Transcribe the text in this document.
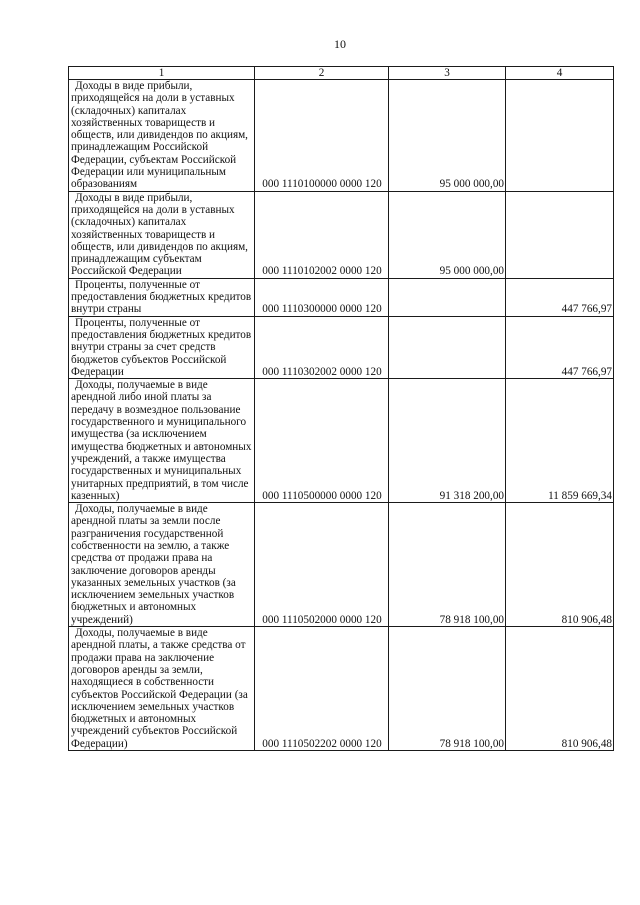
10
1	2	3	4
Доходы в виде прибыли, приходящейся на доли в уставных (складочных) капиталах хозяйственных товариществ и обществ, или дивидендов по акциям, принадлежащим Российской Федерации, субъектам Российской Федерации или муниципальным образованиям	000 1110100000 0000 120	95 000 000,00	
Доходы в виде прибыли, приходящейся на доли в уставных (складочных) капиталах хозяйственных товариществ и обществ, или дивидендов по акциям, принадлежащим субъектам Российской Федерации	000 1110102002 0000 120	95 000 000,00	
Проценты, полученные от предоставления бюджетных кредитов внутри страны	000 1110300000 0000 120		447 766,97
Проценты, полученные от предоставления бюджетных кредитов внутри страны за счет средств бюджетов субъектов Российской Федерации	000 1110302002 0000 120		447 766,97
Доходы, получаемые в виде арендной либо иной платы за передачу в возмездное пользование государственного и муниципального имущества (за исключением имущества бюджетных и автономных учреждений, а также имущества государственных и муниципальных унитарных предприятий, в том числе казенных)	000 1110500000 0000 120	91 318 200,00	11 859 669,34
Доходы, получаемые в виде арендной платы за земли после разграничения государственной собственности на землю, а также средства от продажи права на заключение договоров аренды указанных земельных участков (за исключением земельных участков бюджетных и автономных учреждений)	000 1110502000 0000 120	78 918 100,00	810 906,48
Доходы, получаемые в виде арендной платы, а также средства от продажи права на заключение договоров аренды за земли, находящиеся в собственности субъектов Российской Федерации (за исключением земельных участков бюджетных и автономных учреждений субъектов Российской Федерации)	000 1110502202 0000 120	78 918 100,00	810 906,48
